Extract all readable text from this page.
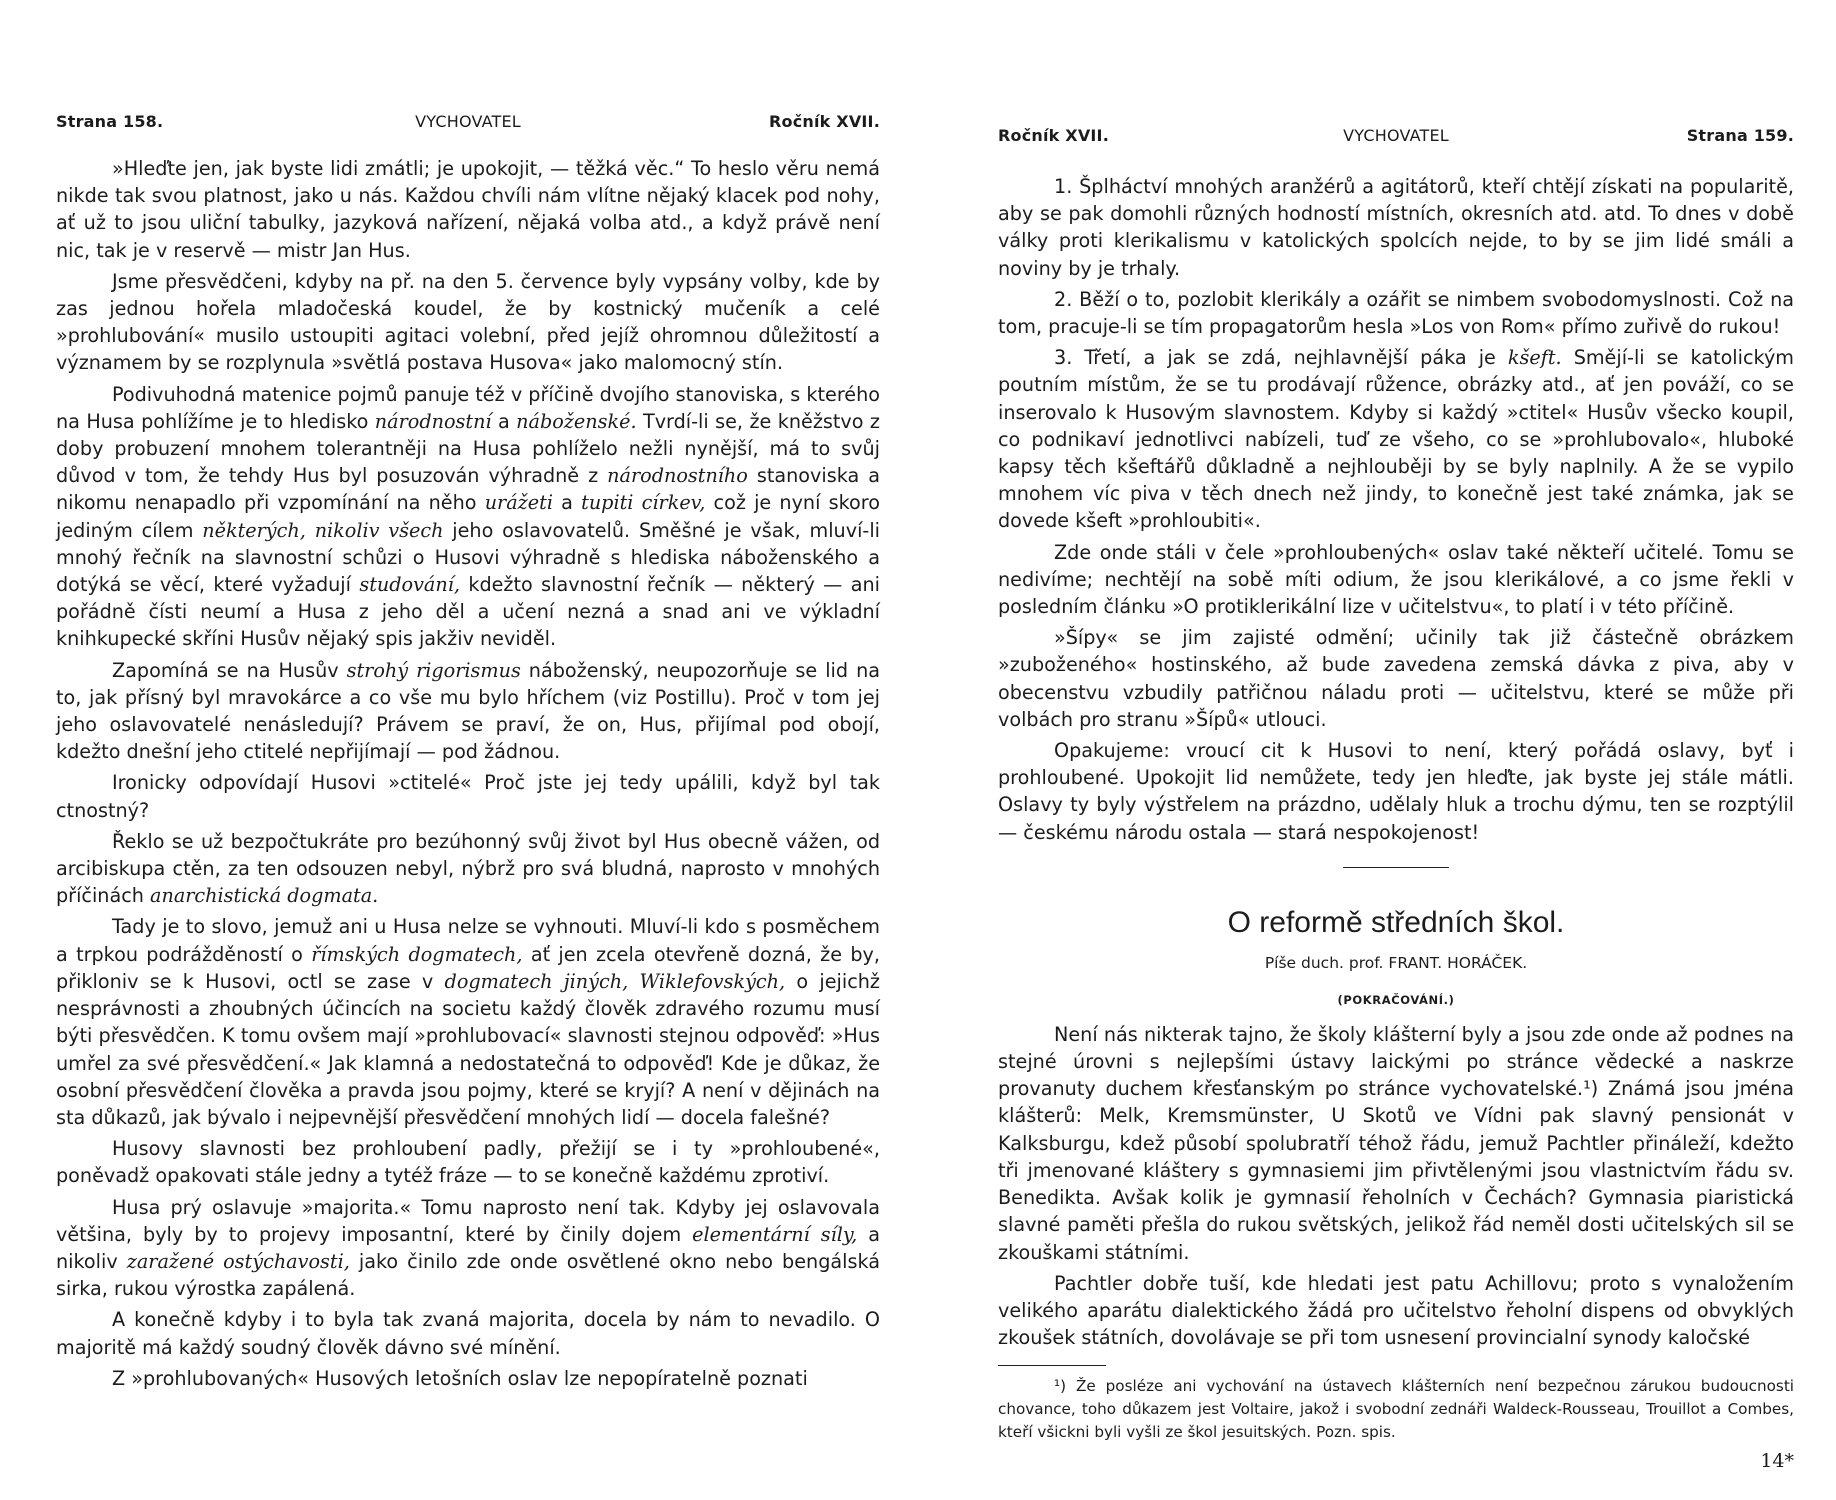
Strana 158.	VYCHOVATEL	Ročník XVII.

»Hleďte jen, jak byste lidi zmátli; je upokojit, — těžká věc.“ To heslo věru nemá nikde tak svou platnost, jako u nás. Každou chvíli nám vlítne nějaký klacek pod nohy, ať už to jsou uliční tabulky, jazyková nařízení, nějaká volba atd., a když právě není nic, tak je v reservě — mistr Jan Hus.

Jsme přesvědčeni, kdyby na př. na den 5. července byly vypsány volby, kde by zas jednou hořela mladočeská koudel, že by kostnický mučeník a celé »prohlubování« musilo ustoupiti agitaci volební, před jejíž ohromnou důležitostí a významem by se rozplynula »světlá postava Husova« jako malomocný stín.

Podivuhodná matenice pojmů panuje též v příčině dvojího stanoviska, s kterého na Husa pohlížíme je to hledisko národnostní a náboženské. Tvrdí-li se, že kněžstvo z doby probuzení mnohem tolerantněji na Husa pohlíželo nežli nynější, má to svůj důvod v tom, že tehdy Hus byl posuzován výhradně z národnostního stanoviska a nikomu nenapadlo při vzpomínání na něho urážeti a tupiti církev, což je nyní skoro jediným cílem některých, nikoliv všech jeho oslavovatelů. Směšné je však, mluví-li mnohý řečník na slavnostní schůzi o Husovi výhradně s hlediska náboženského a dotýká se věcí, které vyžadují studování, kdežto slavnostní řečník — některý — ani pořádně čísti neumí a Husa z jeho děl a učení nezná a snad ani ve výkladní knihkupecké skříni Husův nějaký spis jakživ neviděl.

Zapomíná se na Husův strohý rigorismus náboženský, neupozorňuje se lid na to, jak přísný byl mravokárce a co vše mu bylo hříchem (viz Postillu). Proč v tom jej jeho oslavovatelé nenásledují? Právem se praví, že on, Hus, přijímal pod obojí, kdežto dnešní jeho ctitelé nepřijímají — pod žádnou.

Ironicky odpovídají Husovi »ctitelé« Proč jste jej tedy upálili, když byl tak ctnostný?

Řeklo se už bezpočtukráte pro bezúhonný svůj život byl Hus obecně vážen, od arcibiskupa ctěn, za ten odsouzen nebyl, nýbrž pro svá bludná, naprosto v mnohých příčinách anarchistická dogmata.

Tady je to slovo, jemuž ani u Husa nelze se vyhnouti. Mluví-li kdo s posměchem a trpkou podrážděností o římských dogmatech, ať jen zcela otevřeně dozná, že by, přikloniv se k Husovi, octl se zase v dogmatech jiných, Wiklefovských, o jejichž nesprávnosti a zhoubných účincích na societu každý člověk zdravého rozumu musí býti přesvědčen. K tomu ovšem mají »prohlubovací« slavnosti stejnou odpověď: »Hus umřel za své přesvědčení.« Jak klamná a nedostatečná to odpověď! Kde je důkaz, že osobní přesvědčení člověka a pravda jsou pojmy, které se kryjí? A není v dějinách na sta důkazů, jak bývalo i nejpevnější přesvědčení mnohých lidí — docela falešné?

Husovy slavnosti bez prohloubení padly, přežijí se i ty »prohloubené«, poněvadž opakovati stále jedny a tytéž fráze — to se konečně každému zprotiví.

Husa prý oslavuje »majorita.« Tomu naprosto není tak. Kdyby jej oslavovala většina, byly by to projevy imposantní, které by činily dojem elementární síly, a nikoliv zaražené ostýchavosti, jako činilo zde onde osvětlené okno nebo bengálská sirka, rukou výrostka zapálená.

A konečně kdyby i to byla tak zvaná majorita, docela by nám to nevadilo. O majoritě má každý soudný člověk dávno své mínění.

Z »prohlubovaných« Husových letošních oslav lze nepopíratelně poznati

Ročník XVII.	VYCHOVATEL	Strana 159.

1. Šplháctví mnohých aranžérů a agitátorů, kteří chtějí získati na popularitě, aby se pak domohli různých hodností místních, okresních atd. atd. To dnes v době války proti klerikalismu v katolických spolcích nejde, to by se jim lidé smáli a noviny by je trhaly.

2. Běží o to, pozlobit klerikály a ozářit se nimbem svobodomyslnosti. Což na tom, pracuje-li se tím propagatorům hesla »Los von Rom« přímo zuřivě do rukou!

3. Třetí, a jak se zdá, nejhlavnější páka je kšeft. Smějí-li se katolickým poutním místům, že se tu prodávají růžence, obrázky atd., ať jen pováží, co se inserovalo k Husovým slavnostem. Kdyby si každý »ctitel« Husův všecko koupil, co podnikaví jednotlivci nabízeli, tuď ze všeho, co se »prohlubovalo«, hluboké kapsy těch kšeftářů důkladně a nejhlouběji by se byly naplnily. A že se vypilo mnohem víc piva v těch dnech než jindy, to konečně jest také známka, jak se dovede kšeft »prohloubiti«.

Zde onde stáli v čele »prohloubených« oslav také někteří učitelé. Tomu se nedivíme; nechtějí na sobě míti odium, že jsou klerikálové, a co jsme řekli v posledním článku »O protiklerikální lize v učitelstvu«, to platí i v této příčině.

»Šípy« se jim zajisté odmění; učinily tak již částečně obrázkem »zuboženého« hostinského, až bude zavedena zemská dávka z piva, aby v obecenstvu vzbudily patřičnou náladu proti — učitelstvu, které se může při volbách pro stranu »Šípů« utlouci.

Opakujeme: vroucí cit k Husovi to není, který pořádá oslavy, byť i prohloubené. Upokojit lid nemůžete, tedy jen hleďte, jak byste jej stále mátli. Oslavy ty byly výstřelem na prázdno, udělaly hluk a trochu dýmu, ten se rozptýlil — českému národu ostala — stará nespokojenost!

O reformě středních škol.
Píše duch. prof. FRANT. HORÁČEK.
(POKRAČOVÁNÍ.)

Není nás nikterak tajno, že školy klášterní byly a jsou zde onde až podnes na stejné úrovni s nejlepšími ústavy laickými po stránce vědecké a naskrze provanuty duchem křesťanským po stránce vychovatelské.¹) Známá jsou jména klášterů: Melk, Kremsmünster, U Skotů ve Vídni pak slavný pensionát v Kalksburgu, kdež působí spolubratří téhož řádu, jemuž Pachtler přináleží, kdežto tři jmenované kláštery s gymnasiemi jim přivtělenými jsou vlastnictvím řádu sv. Benedikta. Avšak kolik je gymnasií řeholních v Čechách? Gymnasia piaristická slavné paměti přešla do rukou světských, jelikož řád neměl dosti učitelských sil se zkouškami státními.

Pachtler dobře tuší, kde hledati jest patu Achillovu; proto s vynaložením velikého aparátu dialektického žádá pro učitelstvo řeholní dispens od obvyklých zkoušek státních, dovolávaje se při tom usnesení provincialní synody kaločské

¹) Že posléze ani vychování na ústavech klášterních není bezpečnou zárukou budoucnosti chovance, toho důkazem jest Voltaire, jakož i svobodní zednáři Waldeck-Rousseau, Trouillot a Combes, kteří všickni byli vyšli ze škol jesuitských. Pozn. spis.

14*
